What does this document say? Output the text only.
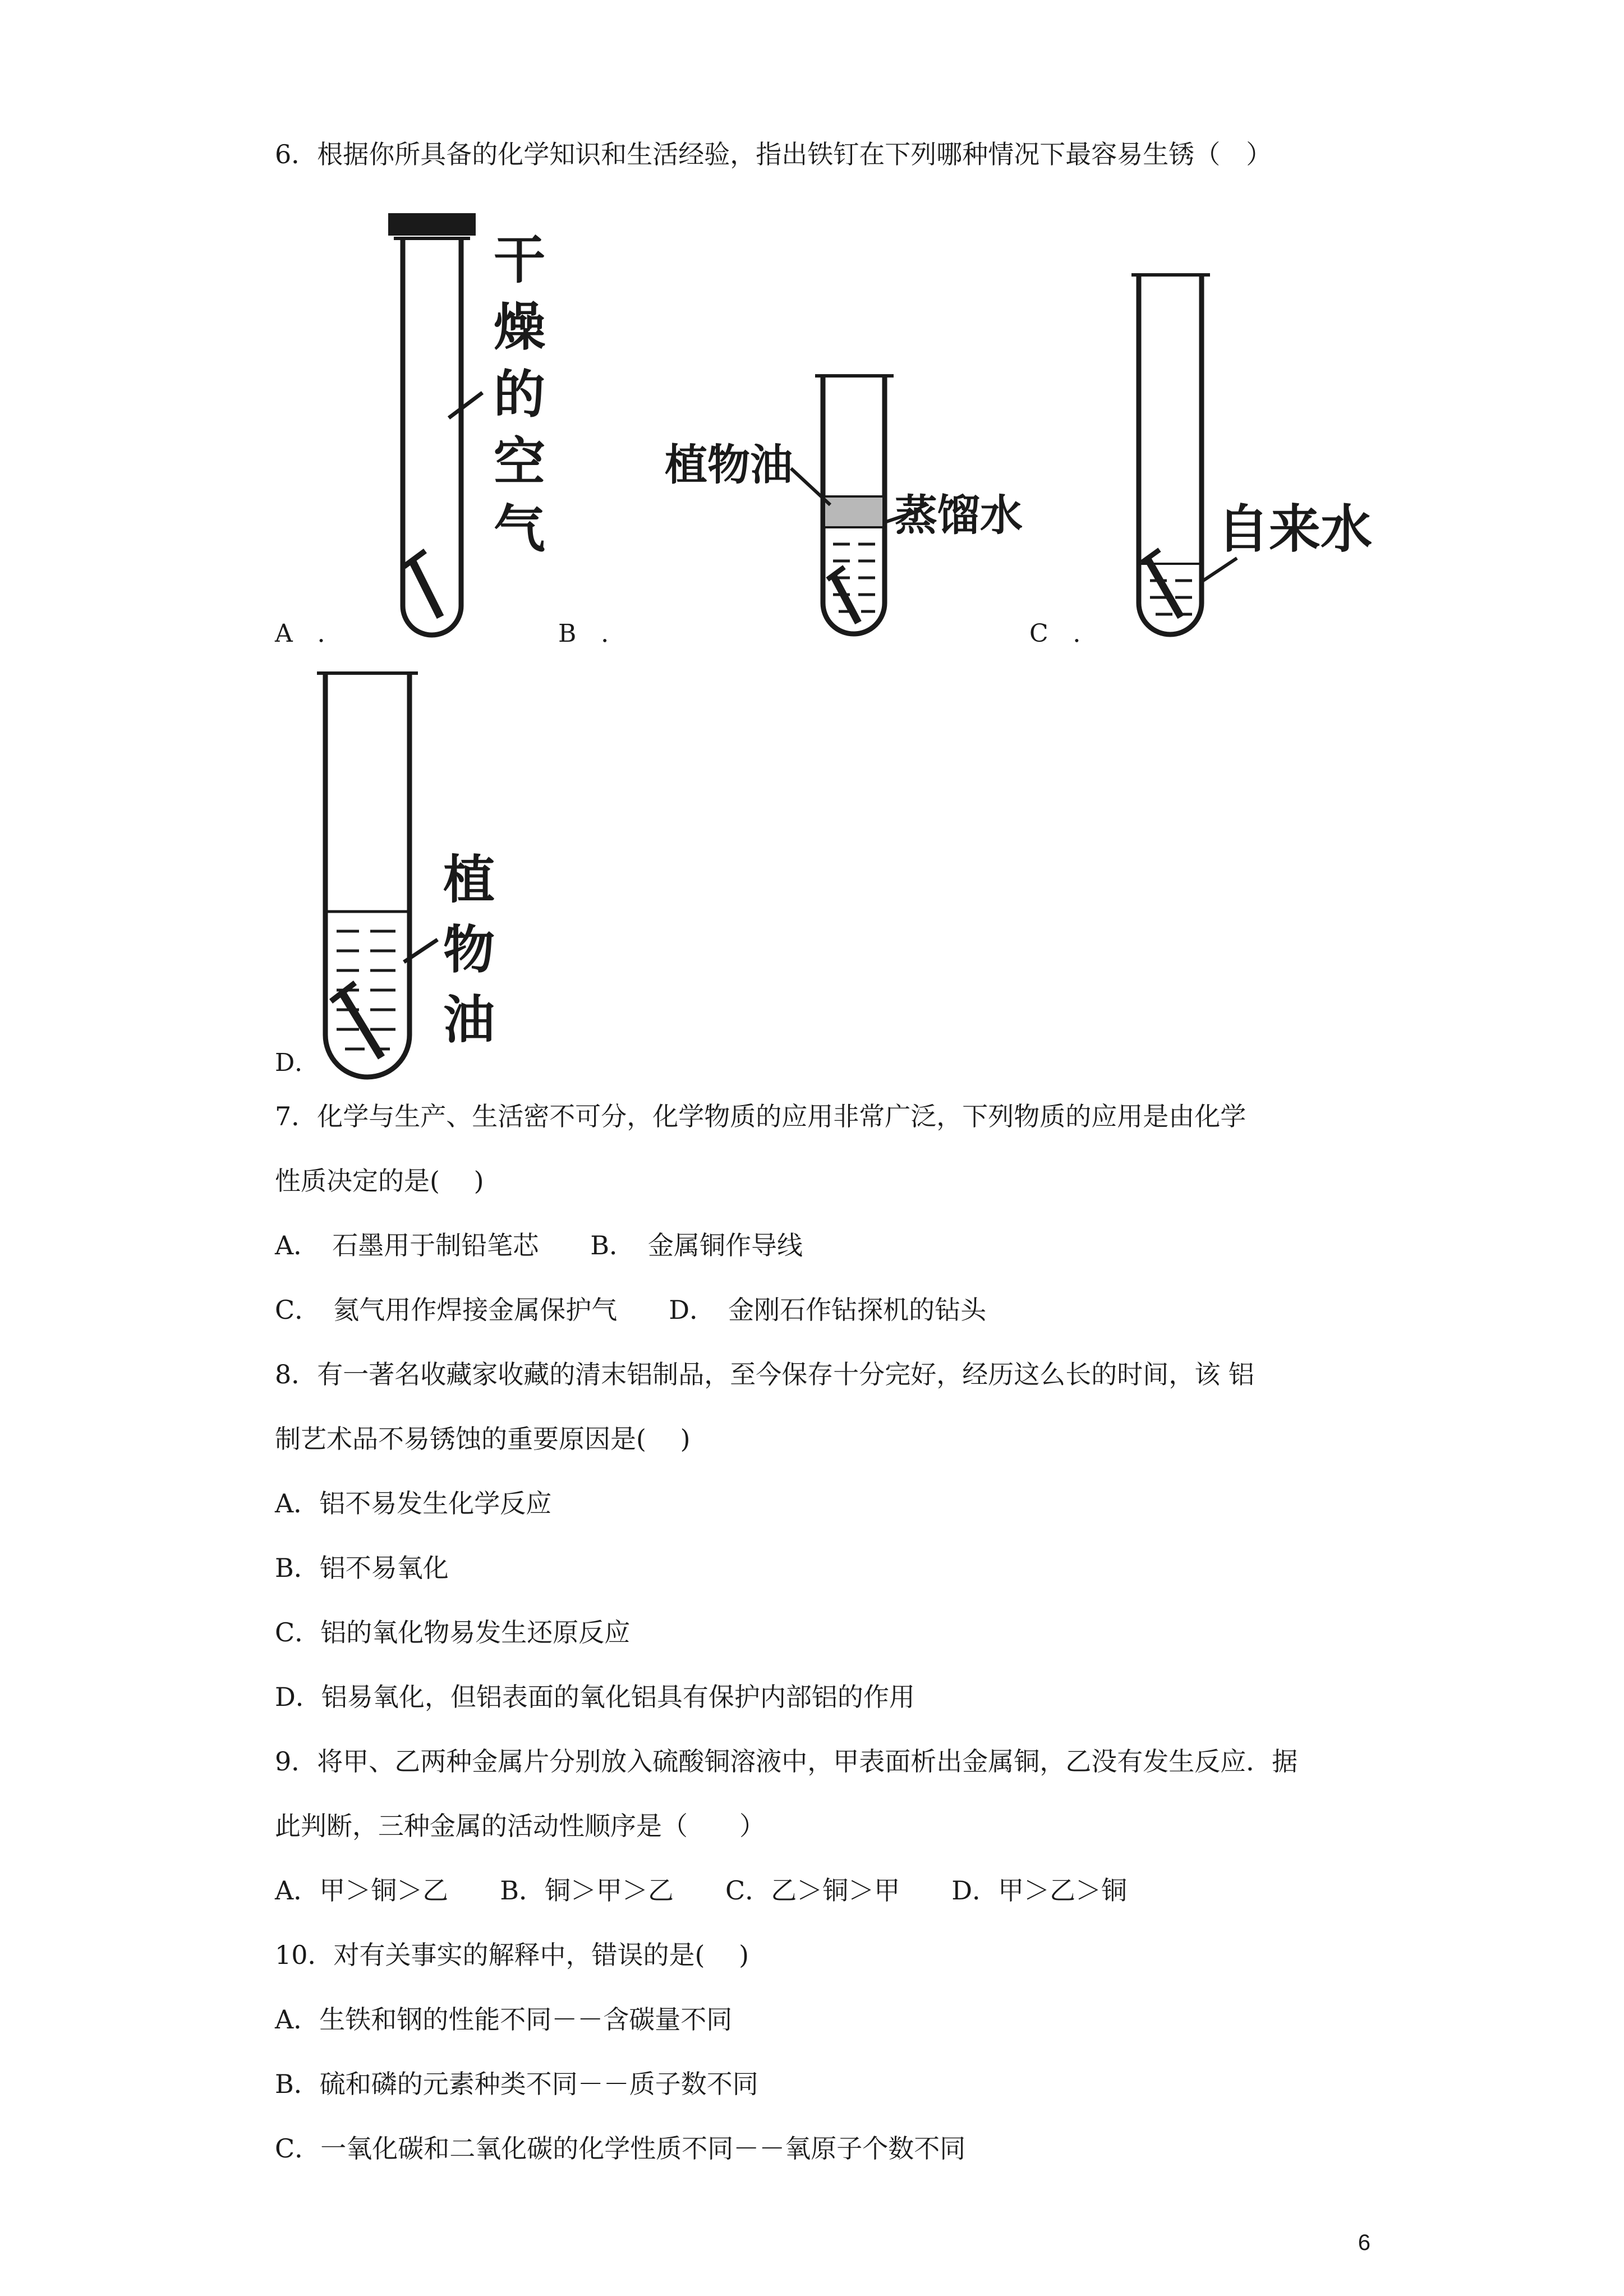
6．根据你所具备的化学知识和生活经验，指出铁钉在下列哪种情况下最容易生锈（　）
A　．	B　．	C　．
D．
干
燥
的
空
气
植物油
蒸馏水	自来水
植
物
油
7．化学与生产、生活密不可分，化学物质的应用非常广泛，下列物质的应用是由化学
性质决定的是(　 )
A．　石墨用于制铅笔芯　　B．　金属铜作导线
C．　氦气用作焊接金属保护气　　D．　金刚石作钻探机的钻头
8．有一著名收藏家收藏的清末铝制品，至今保存十分完好，经历这么长的时间，该 铝
制艺术品不易锈蚀的重要原因是(　 )
A．铝不易发生化学反应
B．铝不易氧化
C．铝的氧化物易发生还原反应
D．铝易氧化，但铝表面的氧化铝具有保护内部铝的作用
9．将甲、乙两种金属片分别放入硫酸铜溶液中，甲表面析出金属铜，乙没有发生反应．据
此判断，三种金属的活动性顺序是（　　）
A．甲＞铜＞乙　　B．铜＞甲＞乙　　C．乙＞铜＞甲　　D．甲＞乙＞铜
10．对有关事实的解释中，错误的是(　 )
A．生铁和钢的性能不同－－含碳量不同
B．硫和磷的元素种类不同－－质子数不同
C．一氧化碳和二氧化碳的化学性质不同－－氧原子个数不同
6
